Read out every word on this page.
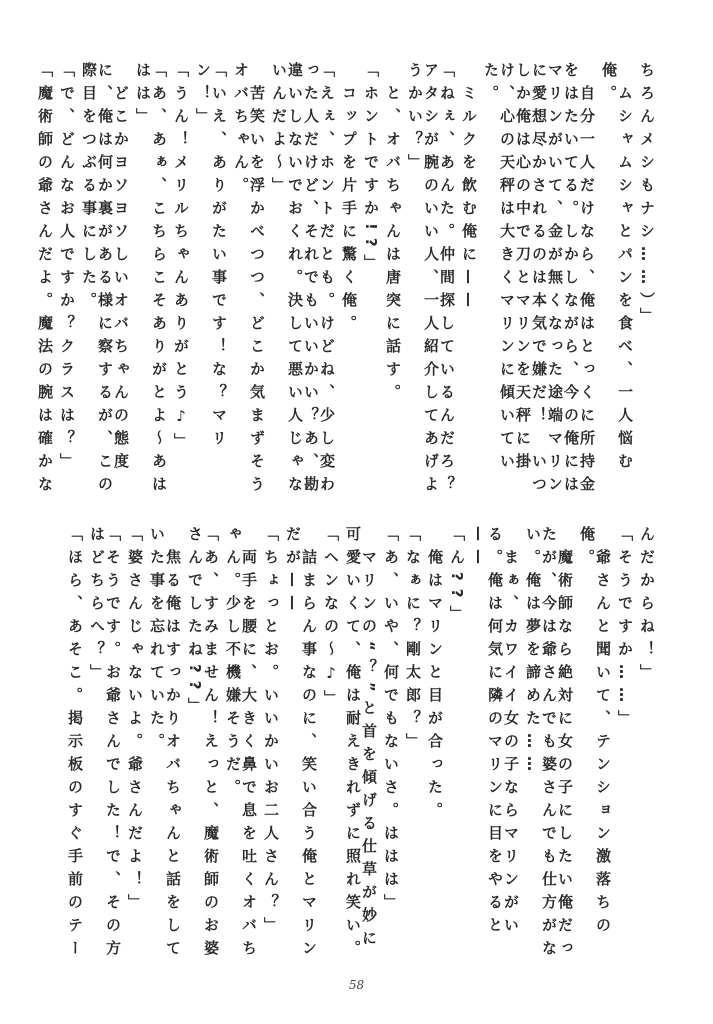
ちろんメシもナシ……）」

　ムシャムシャとパンを食べ、一人悩む俺。

　自分一人だけなら、俺はとっくに所持金をはたいてる。しかしながら、今の俺にはマリンがいて、金が無くなった途端マリンに愛想尽かされるのは本気で嫌だ！　いつしか俺は心の中で刀とマリンを天秤に掛け、心の天秤は大きくマリンに傾いていた。

　ミルクを飲む俺に——

「ねぇ、あんた。仲間探しているんだろ？アタシが腕のいい人、一人紹介してあげようかい？」

　と、オバちゃんは唐突に話す。

「ホントですか!?」

　コップを片手に驚く俺。

「えぇ、ホントだとも。けどね、少し変わった人だけど、それでもいいかい？あ、勘違いしないでおくれ。決して悪い人じゃないんだよ～」

　苦笑いを浮かべつつ、どこか気まずそうオバちゃん。

「いえ、ありがたい事です！な？マリン！」

「うん！メリルちゃんありがとう♪」

「あ、あぁ、こちらこそありがとよ～あははは」

　どこかヨソヨソしいオバちゃんの態度に、俺は何か裏がある様に察するが、この際目をつぶる事にした。

「で、どんなお人ですか？クラスは？」

「魔術師の爺さんだよ。魔法の腕は確かな

んだからね！」

「そうですか……」

　爺さんと聞いて、テンション激落ちの俺。

　魔術師なら絶対に女の子にしたい俺だったが、今は爺さんでも婆さんでも仕方がない。俺は夢を諦めた……

　まぁ、カワイイ女の子ならマリンがいる。俺は何気に隣のマリンに目をやると——

「ん??」

　俺はマリンと目が合った。

「なぁに？剛太郎？」

「あ、いや、何でもないさ。ははは」

　マリンの“？”と首を傾げる仕草が妙に可愛いくて、俺は耐えきれずに照れ笑い。

「ヘンなの～♪」

　詰まらん事なのに、笑い合う俺とマリンだが——

「ちょっとお。いいかいお二人さん？」

　両手を腰に、大きく鼻で息を吐くオバちゃん。少し不機嫌そうだ。

「あ、すみません！えっと、魔術師のお婆さんでしたね??」

　焦る俺はすっかりオバちゃんと話をしていた事を忘れていた。

「婆さんじゃないよ。爺さんだよ！」

「そうです。お爺さんでした！で、その方はどちらへ？」

「ほら、あそこ。掲示板のすぐ手前のテー

58
